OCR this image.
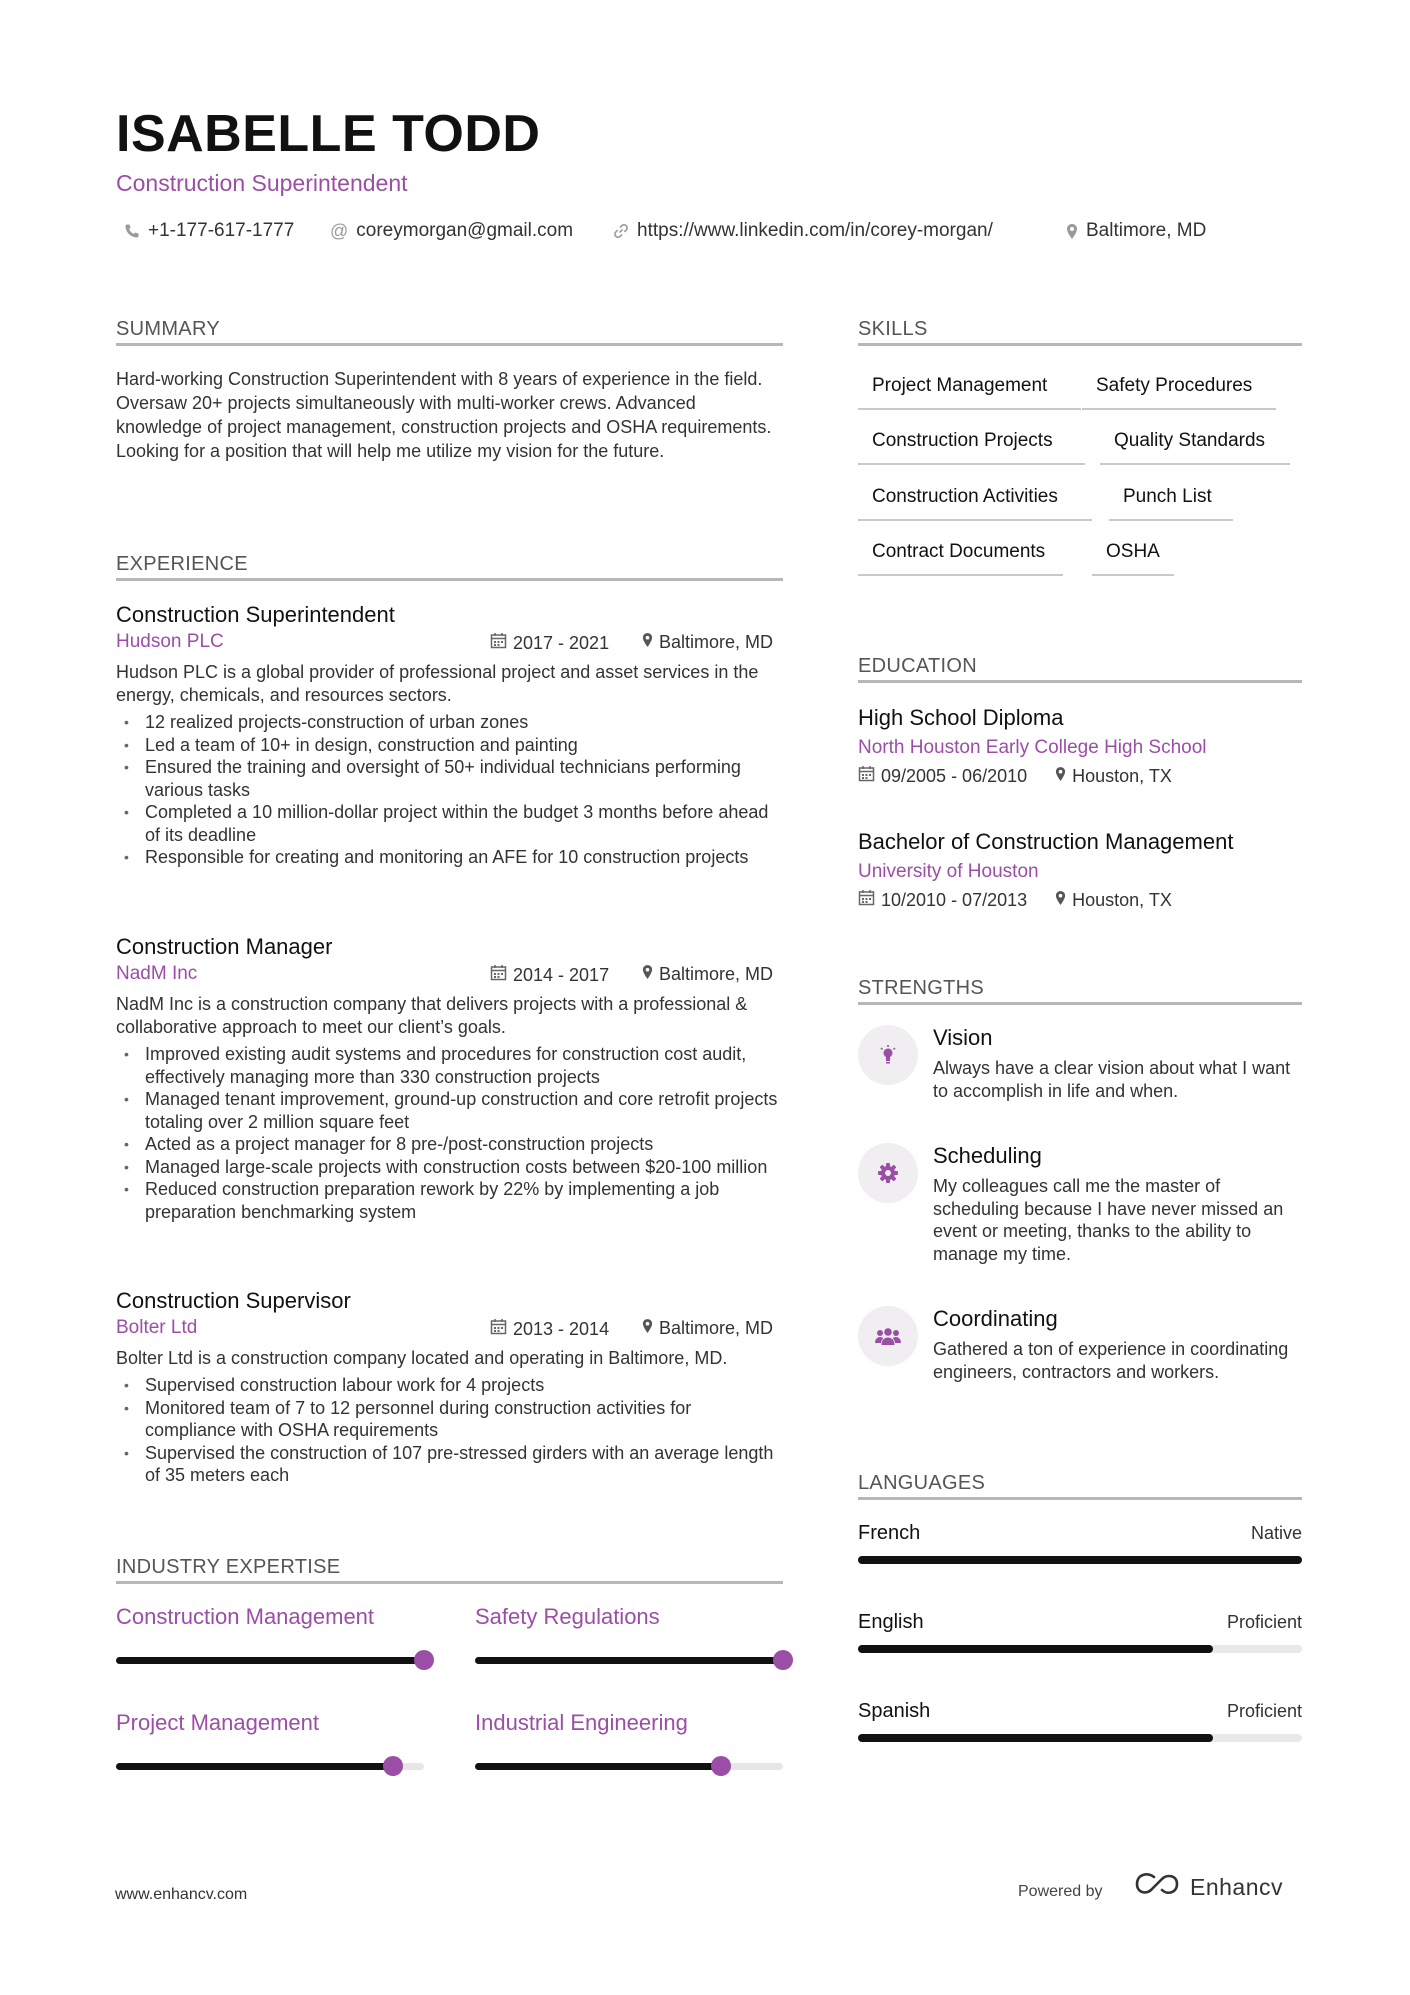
ISABELLE TODD
Construction Superintendent
+1-177-617-1777 @ coreymorgan@gmail.com	https://www.linkedin.com/in/corey-morgan/	Baltimore, MD
SUMMARY
Hard-working Construction Superintendent with 8 years of experience in the field. Oversaw 20+ projects simultaneously with multi-worker crews. Advanced knowledge of project management, construction projects and OSHA requirements. Looking for a position that will help me utilize my vision for the future.
EXPERIENCE
Construction Superintendent
Hudson PLC	2017 - 2021	Baltimore, MD
Hudson PLC is a global provider of professional project and asset services in the energy, chemicals, and resources sectors.
• 12 realized projects-construction of urban zones
• Led a team of 10+ in design, construction and painting
• Ensured the training and oversight of 50+ individual technicians performing various tasks
• Completed a 10 million-dollar project within the budget 3 months before ahead of its deadline
• Responsible for creating and monitoring an AFE for 10 construction projects
Construction Manager
NadM Inc	2014 - 2017	Baltimore, MD
NadM Inc is a construction company that delivers projects with a professional & collaborative approach to meet our client’s goals.
• Improved existing audit systems and procedures for construction cost audit, effectively managing more than 330 construction projects
• Managed tenant improvement, ground-up construction and core retrofit projects totaling over 2 million square feet
• Acted as a project manager for 8 pre-/post-construction projects
• Managed large-scale projects with construction costs between $20-100 million
• Reduced construction preparation rework by 22% by implementing a job preparation benchmarking system
Construction Supervisor
Bolter Ltd	2013 - 2014	Baltimore, MD
Bolter Ltd is a construction company located and operating in Baltimore, MD.
• Supervised construction labour work for 4 projects
• Monitored team of 7 to 12 personnel during construction activities for compliance with OSHA requirements
• Supervised the construction of 107 pre-stressed girders with an average length of 35 meters each
INDUSTRY EXPERTISE
Construction Management	Safety Regulations
Project Management	Industrial Engineering
SKILLS
Project Management	Safety Procedures
Construction Projects	Quality Standards
Construction Activities	Punch List
Contract Documents	OSHA
EDUCATION
High School Diploma
North Houston Early College High School
09/2005 - 06/2010	Houston, TX
Bachelor of Construction Management
University of Houston
10/2010 - 07/2013	Houston, TX
STRENGTHS
Vision
Always have a clear vision about what I want to accomplish in life and when.
Scheduling
My colleagues call me the master of scheduling because I have never missed an event or meeting, thanks to the ability to manage my time.
Coordinating
Gathered a ton of experience in coordinating engineers, contractors and workers.
LANGUAGES
French	Native
English	Proficient
Spanish	Proficient
www.enhancv.com	Powered by	Enhancv
